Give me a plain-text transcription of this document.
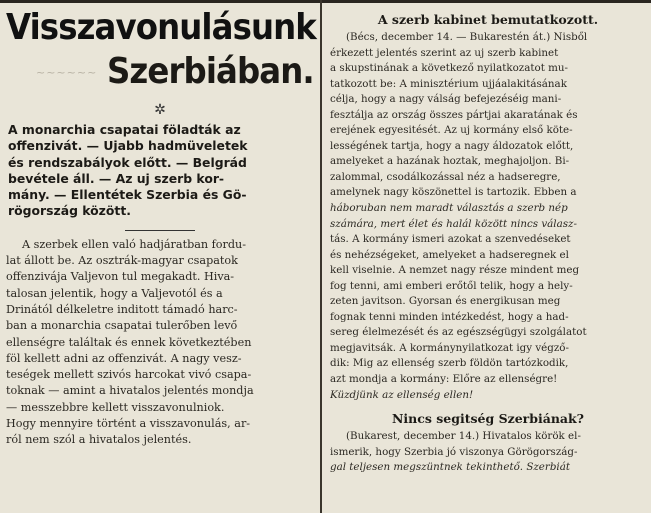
Visszavonulásunk
~~~~~~ Szerbiában.
✲
A monarchia csapatai föladták az
offenzivát. — Ujabb hadmüveletek
és rendszabályok előtt. — Belgrád
bevétele áll. — Az uj szerb kor-
mány. — Ellentétek Szerbia és Gö-
rögország között.
A szerbek ellen való hadjáratban fordu-
lat állott be. Az osztrák-magyar csapatok
offenzivája Valjevon tul megakadt. Hiva-
talosan jelentik, hogy a Valjevotól és a
Drinától délkeletre inditott támadó harc-
ban a monarchia csapatai tulerőben levő
ellenségre találtak és ennek következtében
föl kellett adni az offenzivát. A nagy vesz-
teségek mellett szivós harcokat vivó csapa-
toknak — amint a hivatalos jelentés mondja
— messzebbre kellett visszavonulniok.
Hogy mennyire történt a visszavonulás, ar-
ról nem szól a hivatalos jelentés.
A szerb kabinet bemutatkozott.
(Bécs, december 14. — Bukarestén át.) Nisből
érkezett jelentés szerint az uj szerb kabinet
a skupstinának a következő nyilatkozatot mu-
tatkozott be: A minisztérium ujjáalakitásának
célja, hogy a nagy válság befejezéséig mani-
fesztálja az ország összes pártjai akaratának és
erejének egyesitését. Az uj kormány első köte-
lességének tartja, hogy a nagy áldozatok előtt,
amelyeket a hazának hoztak, meghajoljon. Bi-
zalommal, csodálkozással néz a hadseregre,
amelynek nagy köszönettel is tartozik. Ebben a
háboruban nem maradt választás a szerb nép
számára, mert élet és halál között nincs válasz-
tás. A kormány ismeri azokat a szenvedéseket
és nehézségeket, amelyeket a hadseregnek el
kell viselnie. A nemzet nagy része mindent meg
fog tenni, ami emberi erőtől telik, hogy a hely-
zeten javitson. Gyorsan és energikusan meg
fognak tenni minden intézkedést, hogy a had-
sereg élelmezését és az egészségügyi szolgálatot
megjavitsák. A kormánynyilatkozat igy végző-
dik: Mig az ellenség szerb földön tartózkodik,
azt mondja a kormány: Előre az ellenségre!
Küzdjünk az ellenség ellen!
Nincs segitség Szerbiának?
(Bukarest, december 14.) Hivatalos körök el-
ismerik, hogy Szerbia jó viszonya Görögország-
gal teljesen megszüntnek tekinthető. Szerbiát
